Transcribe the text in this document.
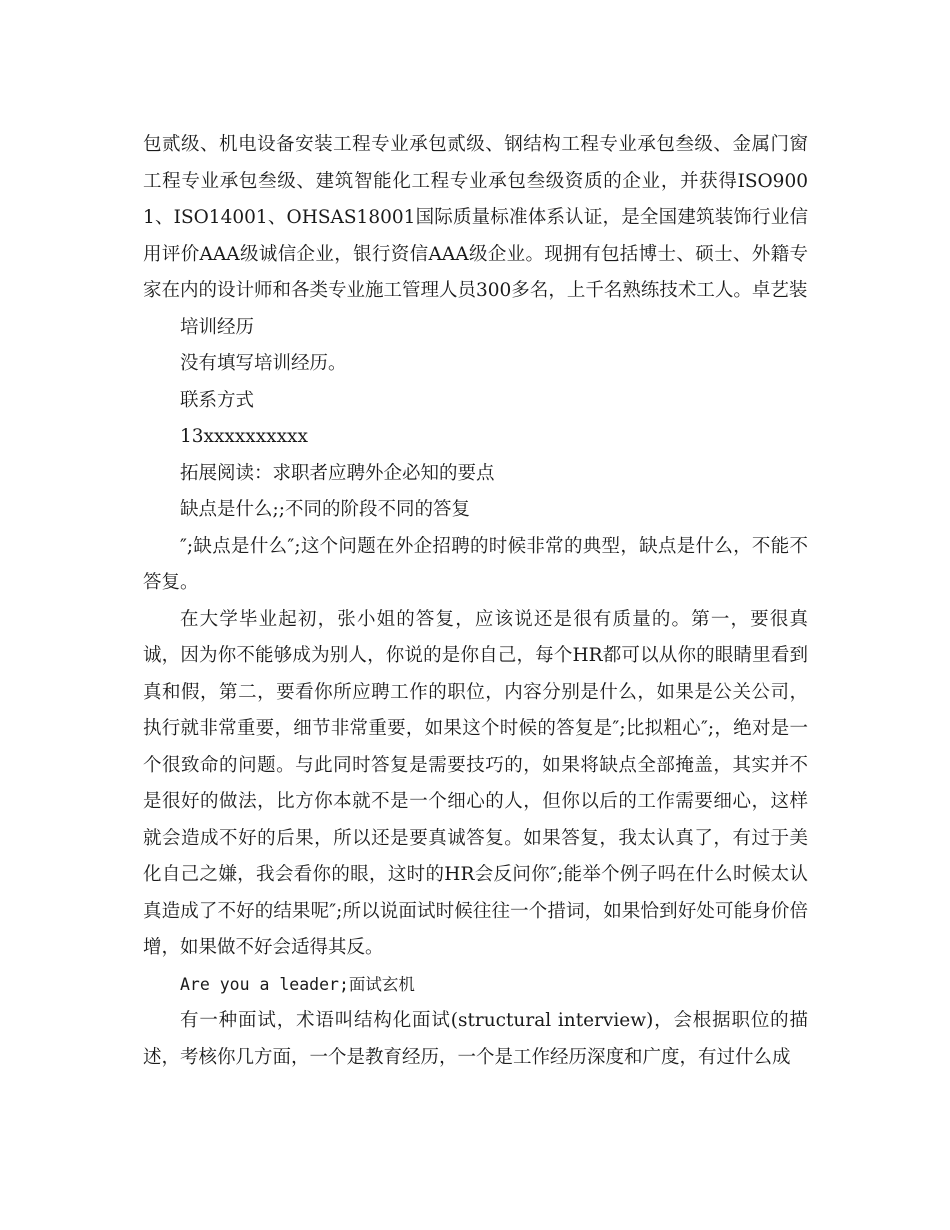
包贰级、机电设备安装工程专业承包贰级、钢结构工程专业承包叁级、金属门窗工程专业承包叁级、建筑智能化工程专业承包叁级资质的企业，并获得ISO9001、ISO14001、OHSAS18001国际质量标准体系认证，是全国建筑装饰行业信用评价AAA级诚信企业，银行资信AAA级企业。现拥有包括博士、硕士、外籍专家在内的设计师和各类专业施工管理人员300多名，上千名熟练技术工人。卓艺装

培训经历

没有填写培训经历。

联系方式

13xxxxxxxxxx

拓展阅读：求职者应聘外企必知的要点

缺点是什么;;不同的阶段不同的答复

″;缺点是什么″;这个问题在外企招聘的时候非常的典型，缺点是什么，不能不答复。

在大学毕业起初，张小姐的答复，应该说还是很有质量的。第一，要很真诚，因为你不能够成为别人，你说的是你自己，每个HR都可以从你的眼睛里看到真和假，第二，要看你所应聘工作的职位，内容分别是什么，如果是公关公司，执行就非常重要，细节非常重要，如果这个时候的答复是″;比拟粗心″;，绝对是一个很致命的问题。与此同时答复是需要技巧的，如果将缺点全部掩盖，其实并不是很好的做法，比方你本就不是一个细心的人，但你以后的工作需要细心，这样就会造成不好的后果，所以还是要真诚答复。如果答复，我太认真了，有过于美化自己之嫌，我会看你的眼，这时的HR会反问你″;能举个例子吗在什么时候太认真造成了不好的结果呢″;所以说面试时候往往一个措词，如果恰到好处可能身价倍增，如果做不好会适得其反。

Are you a leader;面试玄机

有一种面试，术语叫结构化面试(structural interview)，会根据职位的描述，考核你几方面，一个是教育经历，一个是工作经历深度和广度，有过什么成
